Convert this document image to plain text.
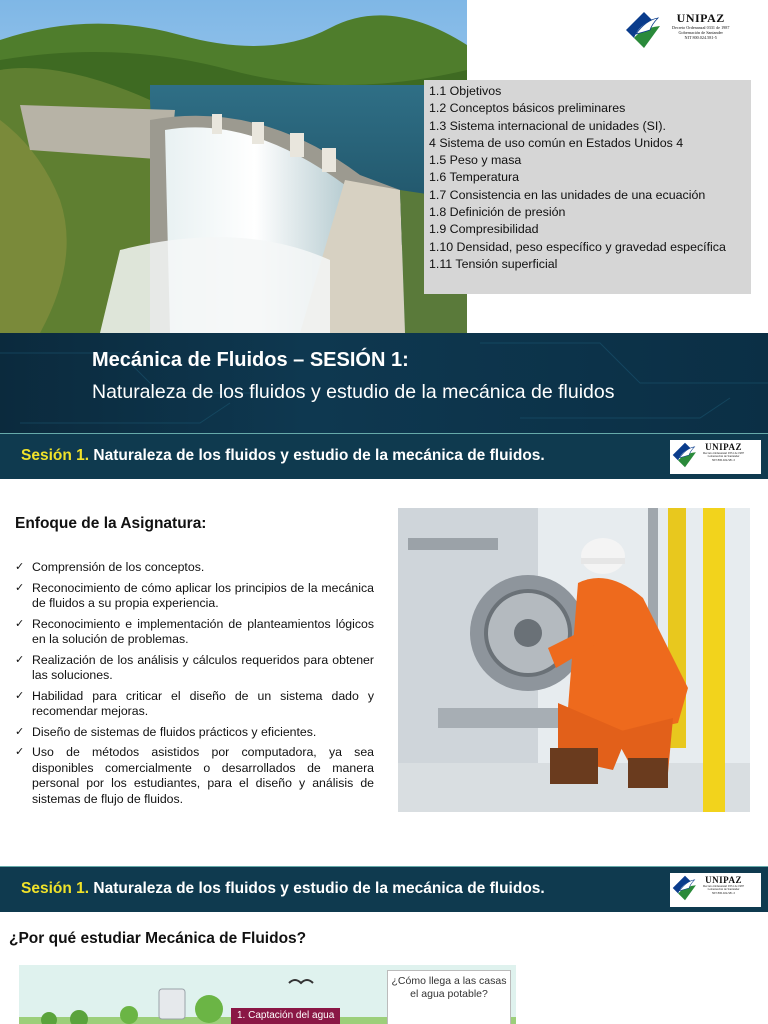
UNIPAZ
Decreto Ordenanzal 0331 de 1987
Gobernación de Santander
NIT 800.024.581-5
1.1 Objetivos
1.2 Conceptos básicos preliminares
1.3 Sistema internacional de unidades (SI).
4 Sistema de uso común en Estados Unidos 4
1.5 Peso y masa
1.6 Temperatura
1.7 Consistencia en las unidades de una ecuación
1.8 Definición de presión
1.9 Compresibilidad
1.10 Densidad, peso específico y gravedad específica
1.11 Tensión superficial
Mecánica de Fluidos – SESIÓN 1:
Naturaleza de los fluidos y estudio de la mecánica de fluidos
Sesión 1. Naturaleza de los fluidos y estudio de la mecánica de fluidos.	UNIPAZ
Decreto Ordenanzal 0331 de 1987
Gobernación de Santander
NIT 800.024.581-5
Enfoque de la Asignatura:
✓ Comprensión de los conceptos.
✓ Reconocimiento de cómo aplicar los principios de la mecánica de fluidos a su propia experiencia.
✓ Reconocimiento e implementación de planteamientos lógicos en la solución de problemas.
✓ Realización de los análisis y cálculos requeridos para obtener las soluciones.
✓ Habilidad para criticar el diseño de un sistema dado y recomendar mejoras.
✓ Diseño de sistemas de fluidos prácticos y eficientes.
✓ Uso de métodos asistidos por computadora, ya sea disponibles comercialmente o desarrollados de manera personal por los estudiantes, para el diseño y análisis de sistemas de flujo de fluidos.
Sesión 1. Naturaleza de los fluidos y estudio de la mecánica de fluidos.	UNIPAZ
Decreto Ordenanzal 0331 de 1987
Gobernación de Santander
NIT 800.024.581-5
¿Por qué estudiar Mecánica de Fluidos?
¿Cómo llega a las casas el agua potable?
1. Captación del agua
